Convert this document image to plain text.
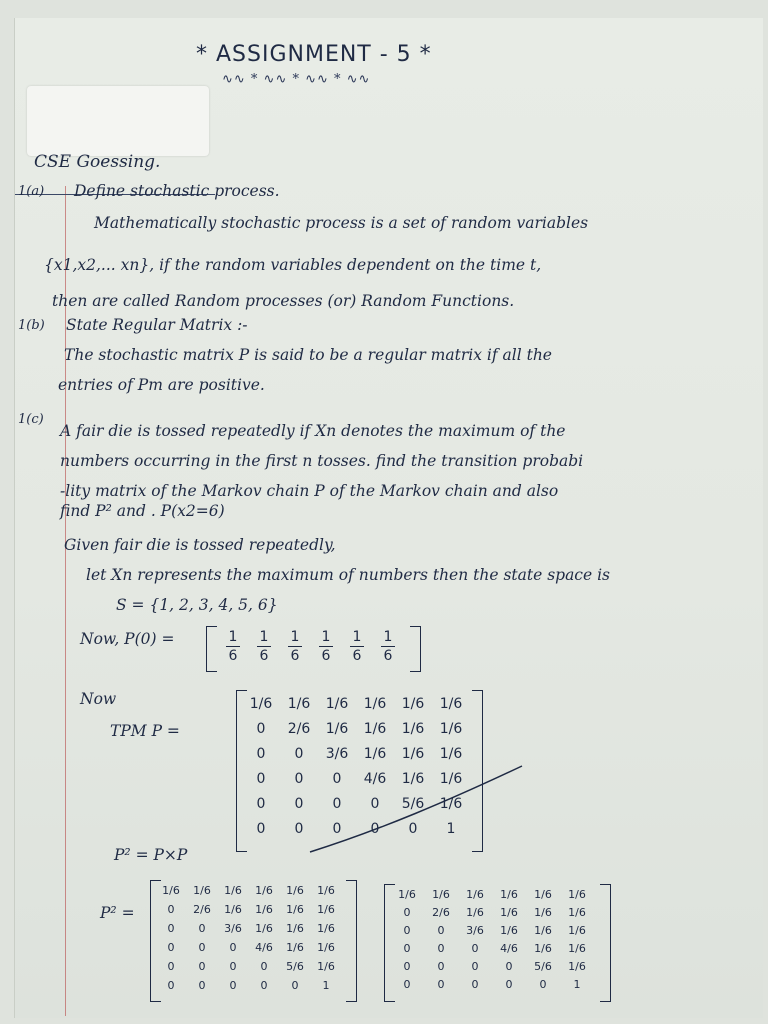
* ASSIGNMENT - 5 *
∿∿ * ∿∿ * ∿∿ * ∿∿
CSE Goessing.
1(a) Define stochastic process.
Mathematically stochastic process is a set of random variables
{x1,x2,... xn}, if the random variables dependent on the time t,
then are called Random processes (or) Random Functions.
1(b) State Regular Matrix :-
The stochastic matrix P is said to be a regular matrix if all the
entries of Pm are positive.
1(c)
A fair die is tossed repeatedly if Xn denotes the maximum of the
numbers occurring in the first n tosses. find the transition probabi
-lity matrix of the Markov chain P of the Markov chain and also
find P² and . P(x2=6)
Given fair die is tossed repeatedly,
let Xn represents the maximum of numbers then the state space is
S = {1, 2, 3, 4, 5, 6}
Now, P(0) =	1
6
1
6
1
6
1
6
1
6
1
6
Now
TPM P =
1/6	1/6	1/6	1/6	1/6	1/6
0	2/6	1/6	1/6	1/6	1/6
0	0	3/6	1/6	1/6	1/6
0	0	0	4/6	1/6	1/6
0	0	0	0	5/6	1/6
0	0	0	0	0	1
P² = P×P
P² =
1/6	1/6	1/6	1/6	1/6	1/6
0	2/6	1/6	1/6	1/6	1/6
0	0	3/6	1/6	1/6	1/6
0	0	0	4/6	1/6	1/6
0	0	0	0	5/6	1/6
0	0	0	0	0	1
1/6	1/6	1/6	1/6	1/6	1/6
0	2/6	1/6	1/6	1/6	1/6
0	0	3/6	1/6	1/6	1/6
0	0	0	4/6	1/6	1/6
0	0	0	0	5/6	1/6
0	0	0	0	0	1
